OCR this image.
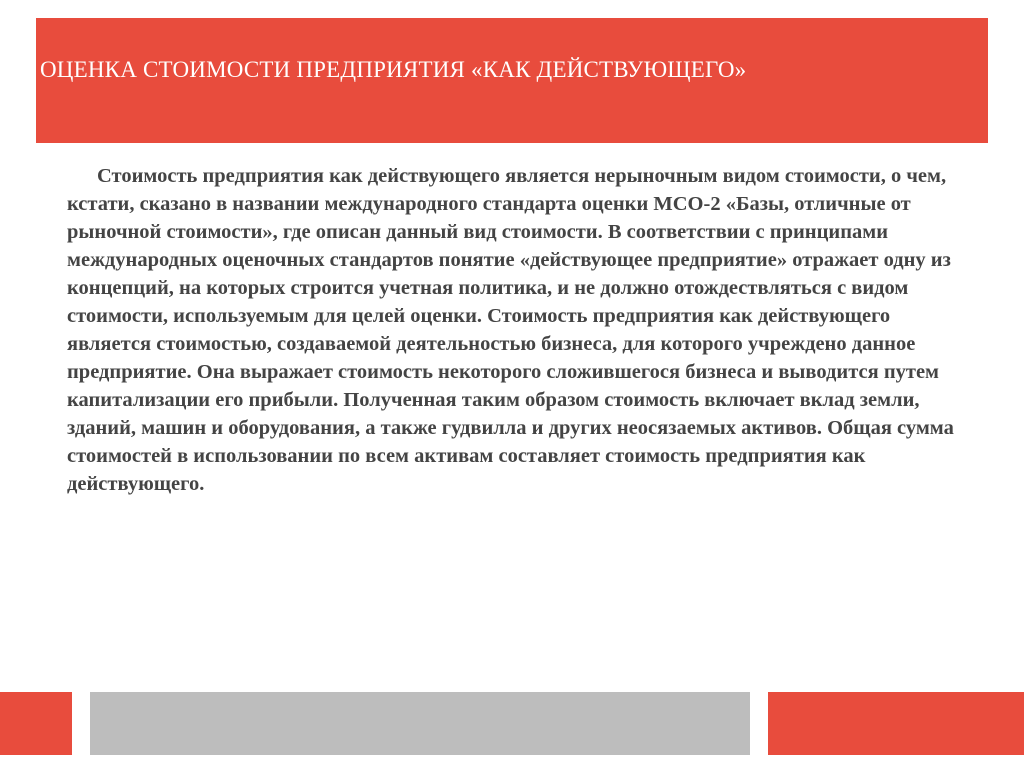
ОЦЕНКА СТОИМОСТИ ПРЕДПРИЯТИЯ «КАК ДЕЙСТВУЮЩЕГО»

Стоимость предприятия как действующего является нерыночным видом стоимости, о чем, кстати, сказано в названии международного стандарта оценки МСО-2 «Базы, отличные от рыночной стоимости», где описан данный вид стоимости. В соответствии с принципами международных оценочных стандартов понятие «действующее предприятие» отражает одну из концепций, на которых строится учетная политика, и не должно отождествляться с видом стоимости, используемым для целей оценки. Стоимость предприятия как действующего является стоимостью, создаваемой деятельностью бизнеса, для которого учреждено данное предприятие. Она выражает стоимость некоторого сложившегося бизнеса и выводится путем капитализации его прибыли. Полученная таким образом стоимость включает вклад земли, зданий, машин и оборудования, а также гудвилла и других неосязаемых активов. Общая сумма стоимостей в использовании по всем активам составляет стоимость предприятия как действующего.
